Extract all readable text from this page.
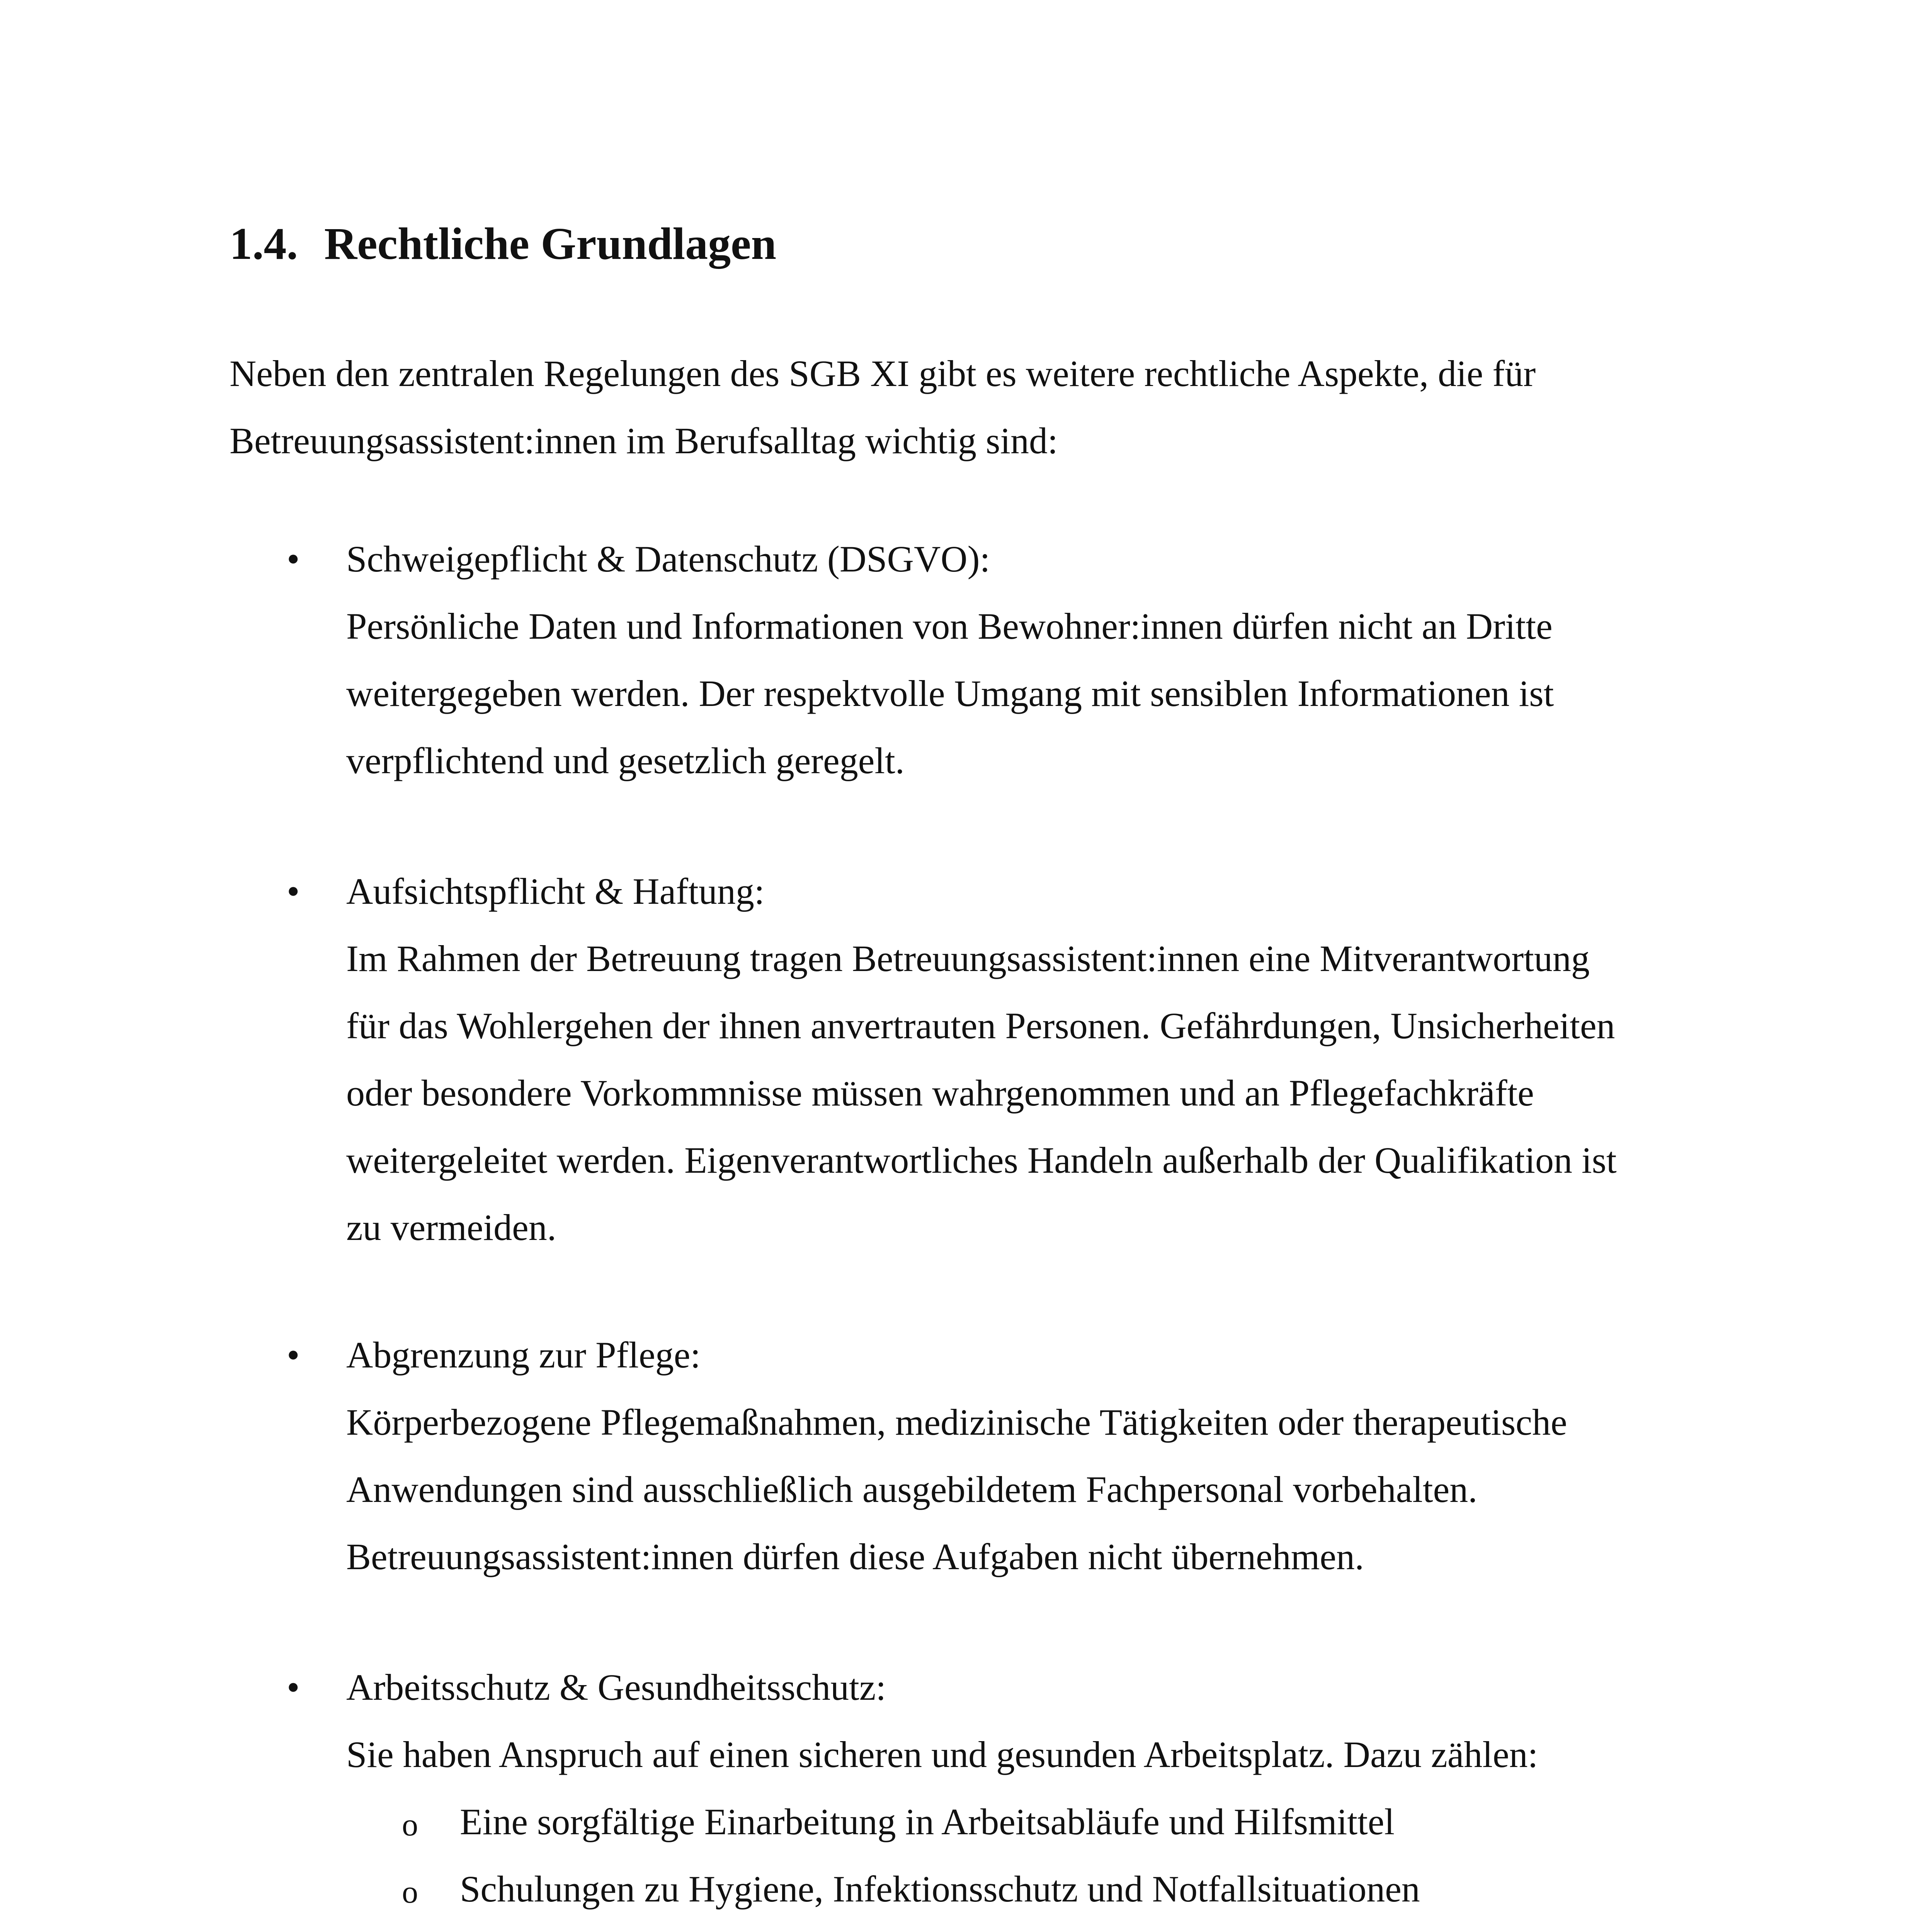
1.4. Rechtliche Grundlagen

Neben den zentralen Regelungen des SGB XI gibt es weitere rechtliche Aspekte, die für
Betreuungsassistent:innen im Berufsalltag wichtig sind:

• Schweigepflicht & Datenschutz (DSGVO):
Persönliche Daten und Informationen von Bewohner:innen dürfen nicht an Dritte
weitergegeben werden. Der respektvolle Umgang mit sensiblen Informationen ist
verpflichtend und gesetzlich geregelt.
• Aufsichtspflicht & Haftung:
Im Rahmen der Betreuung tragen Betreuungsassistent:innen eine Mitverantwortung
für das Wohlergehen der ihnen anvertrauten Personen. Gefährdungen, Unsicherheiten
oder besondere Vorkommnisse müssen wahrgenommen und an Pflegefachkräfte
weitergeleitet werden. Eigenverantwortliches Handeln außerhalb der Qualifikation ist
zu vermeiden.
• Abgrenzung zur Pflege:
Körperbezogene Pflegemaßnahmen, medizinische Tätigkeiten oder therapeutische
Anwendungen sind ausschließlich ausgebildetem Fachpersonal vorbehalten.
Betreuungsassistent:innen dürfen diese Aufgaben nicht übernehmen.
• Arbeitsschutz & Gesundheitsschutz:
Sie haben Anspruch auf einen sicheren und gesunden Arbeitsplatz. Dazu zählen:
o Eine sorgfältige Einarbeitung in Arbeitsabläufe und Hilfsmittel
o Schulungen zu Hygiene, Infektionsschutz und Notfallsituationen
